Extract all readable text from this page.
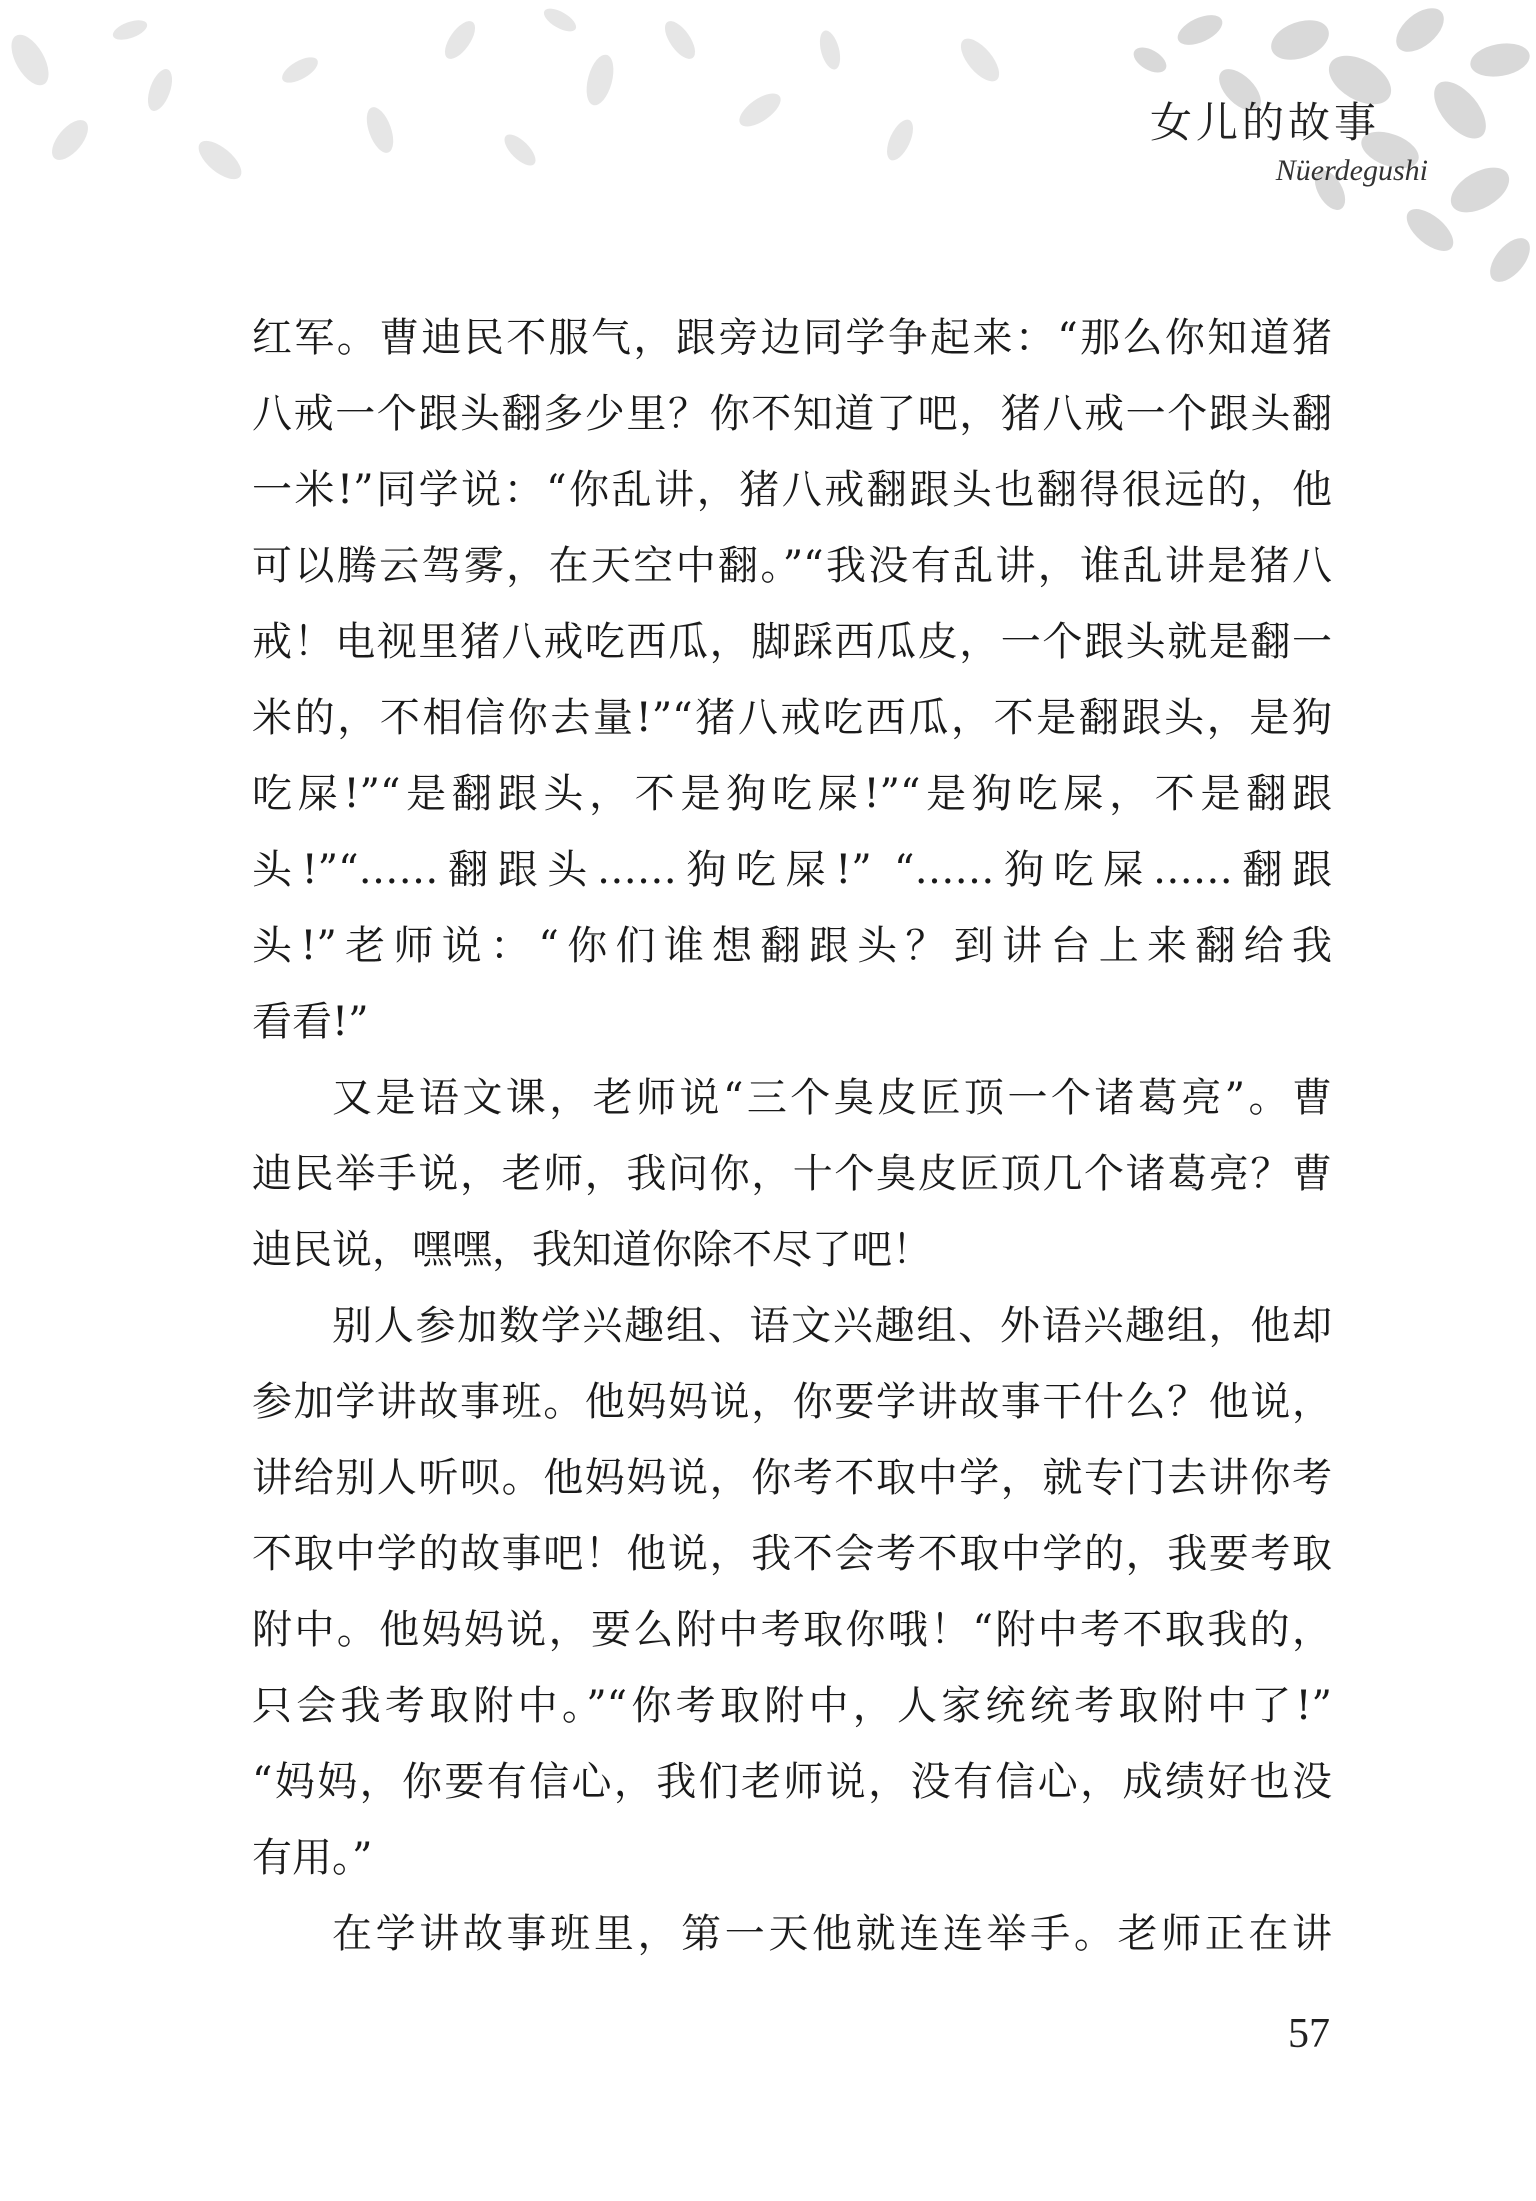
女儿的故事
Nüerdegushi

红军。曹迪民不服气，跟旁边同学争起来：“那么你知道猪
八戒一个跟头翻多少里？你不知道了吧，猪八戒一个跟头翻
一米!”同学说：“你乱讲，猪八戒翻跟头也翻得很远的，他
可以腾云驾雾，在天空中翻。”“我没有乱讲，谁乱讲是猪八
戒！电视里猪八戒吃西瓜，脚踩西瓜皮，一个跟头就是翻一
米的，不相信你去量!”“猪八戒吃西瓜，不是翻跟头，是狗
吃屎!”“是翻跟头，不是狗吃屎!”“是狗吃屎，不是翻跟
头!”“……翻跟头……狗吃屎!” “……狗吃屎……翻跟
头!”老师说：“你们谁想翻跟头？到讲台上来翻给我
看看!”

又是语文课，老师说“三个臭皮匠顶一个诸葛亮”。曹
迪民举手说，老师，我问你，十个臭皮匠顶几个诸葛亮？曹
迪民说，嘿嘿，我知道你除不尽了吧！

别人参加数学兴趣组、语文兴趣组、外语兴趣组，他却
参加学讲故事班。他妈妈说，你要学讲故事干什么？他说，
讲给别人听呗。他妈妈说，你考不取中学，就专门去讲你考
不取中学的故事吧！他说，我不会考不取中学的，我要考取
附中。他妈妈说，要么附中考取你哦！“附中考不取我的，
只会我考取附中。”“你考取附中，人家统统考取附中了!”
“妈妈，你要有信心，我们老师说，没有信心，成绩好也没
有用。”

在学讲故事班里，第一天他就连连举手。老师正在讲

57
